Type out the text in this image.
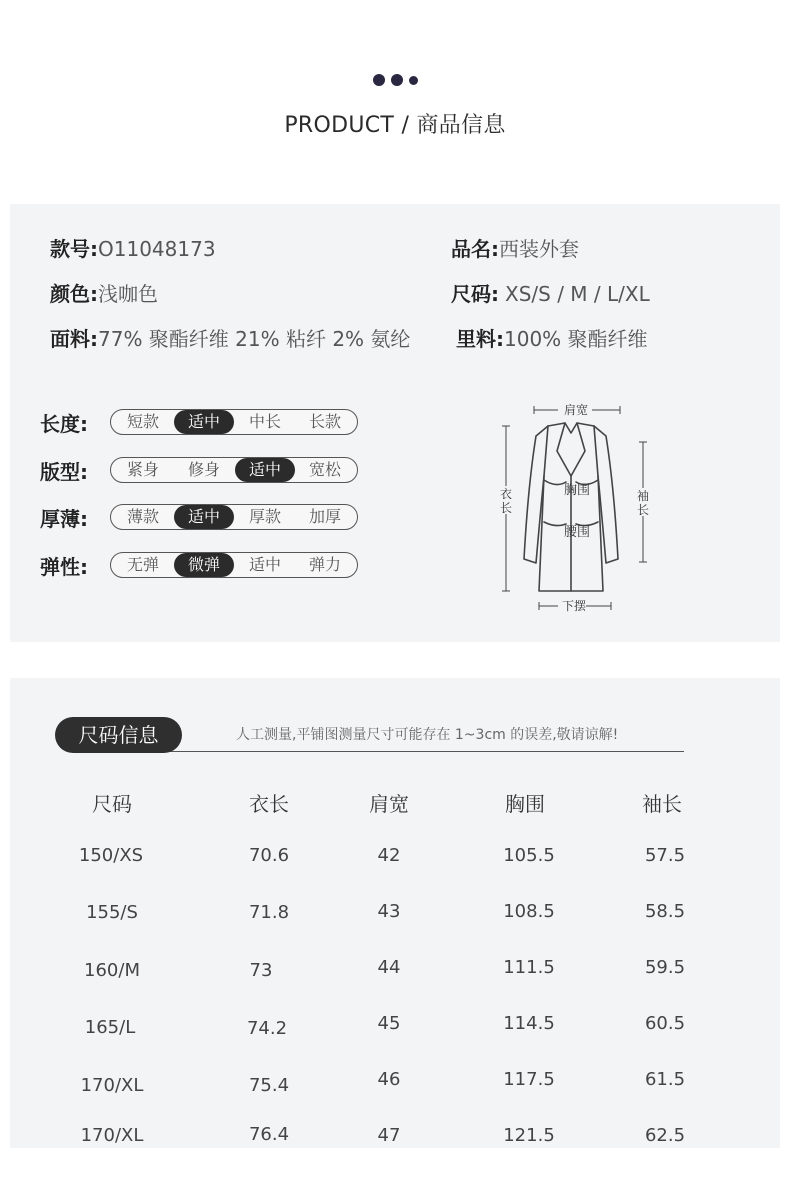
PRODUCT / 商品信息
款号:O11048173	品名:西装外套
颜色:浅咖色	尺码: XS/S / M / L/XL
面料:77% 聚酯纤维 21% 粘纤 2% 氨纶 里料:100% 聚酯纤维
长度:	短款	适中	中长	长款
版型:	紧身	修身	适中	宽松
厚薄:	薄款	适中	厚款	加厚
弹性:	无弹	微弹	适中	弹力
肩宽
胸围
腰围
衣
长
袖
长
下摆
尺码信息	人工测量,平铺图测量尺寸可能存在 1~3cm 的误差,敬请谅解!
尺码	衣长	肩宽	胸围	袖长
150/XS	70.6	42	105.5	57.5
155/S	71.8	43	108.5	58.5
160/M	73	44	111.5	59.5
165/L	74.2	45	114.5	60.5
170/XL	75.4	46	117.5	61.5
170/XL	76.4	47	121.5	62.5
